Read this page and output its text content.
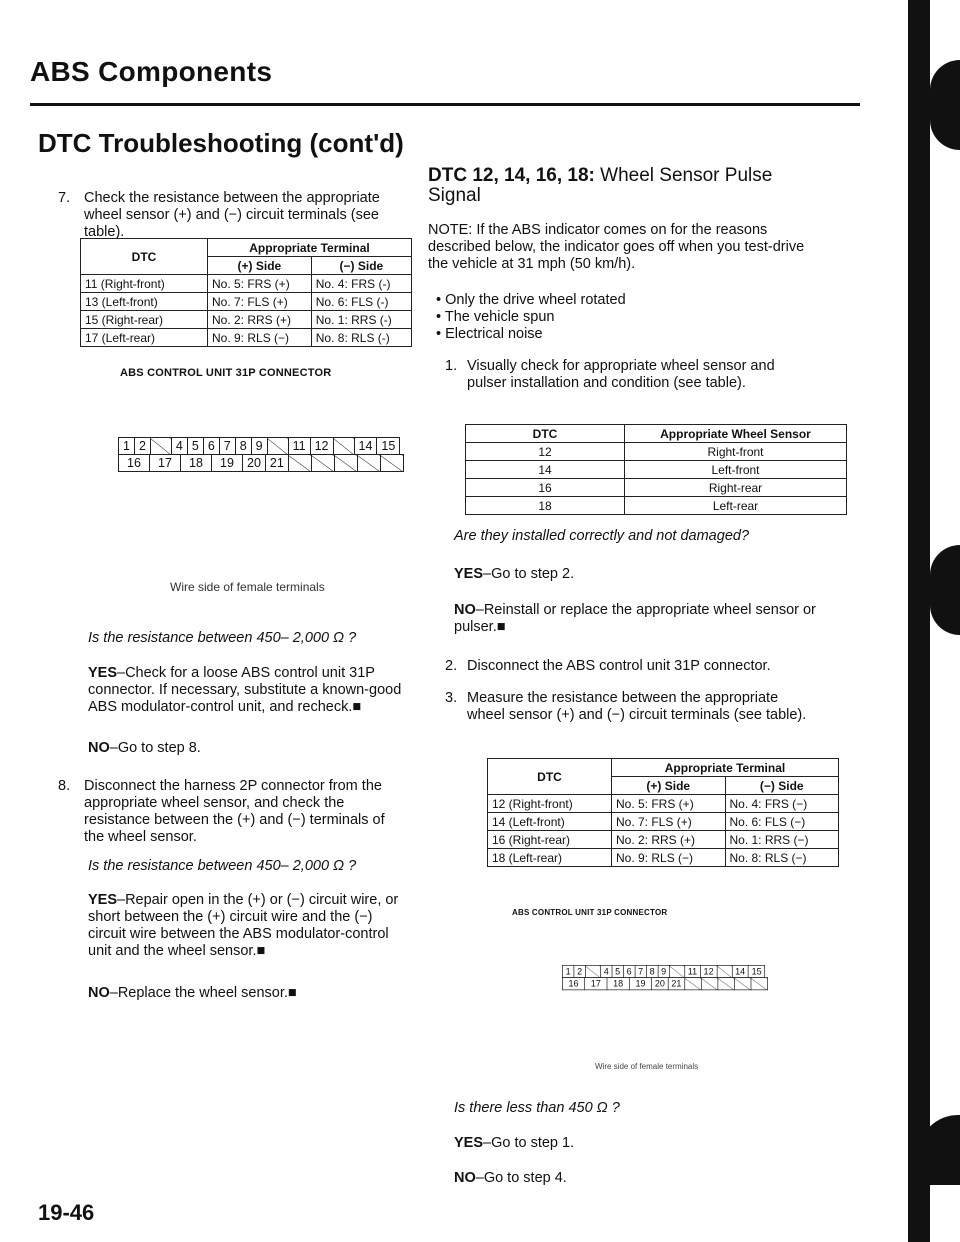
ABS Components
DTC Troubleshooting (cont'd)
7. Check the resistance between the appropriate wheel sensor (+) and (−) circuit terminals (see table).
DTC	Appropriate Terminal	
	(+) Side	(−) Side
11 (Right-front)	No. 5: FRS (+)	No. 4: FRS (-)
13 (Left-front)	No. 7: FLS (+)	No. 6: FLS (-)
15 (Right-rear)	No. 2: RRS (+)	No. 1: RRS (-)
17 (Left-rear)	No. 9: RLS (−)	No. 8: RLS (-)
ABS CONTROL UNIT 31P CONNECTOR
1	2		4	5	6	7	8	9		11	12		14	15
16	17	18	19	20	21					
Wire side of female terminals
Is the resistance between 450– 2,000 Ω ?
YES–Check for a loose ABS control unit 31P connector. If necessary, substitute a known-good ABS modulator-control unit, and recheck.■
NO–Go to step 8.
8. Disconnect the harness 2P connector from the appropriate wheel sensor, and check the resistance between the (+) and (−) terminals of the wheel sensor.
Is the resistance between 450– 2,000 Ω ?
YES–Repair open in the (+) or (−) circuit wire, or short between the (+) circuit wire and the (−) circuit wire between the ABS modulator-control unit and the wheel sensor.■
NO–Replace the wheel sensor.■
19-46
DTC 12, 14, 16, 18: Wheel Sensor Pulse Signal
NOTE: If the ABS indicator comes on for the reasons described below, the indicator goes off when you test-drive the vehicle at 31 mph (50 km/h).
• Only the drive wheel rotated
• The vehicle spun
• Electrical noise
1. Visually check for appropriate wheel sensor and pulser installation and condition (see table).
DTC	Appropriate Wheel Sensor
12	Right-front
14	Left-front
16	Right-rear
18	Left-rear
Are they installed correctly and not damaged?
YES–Go to step 2.
NO–Reinstall or replace the appropriate wheel sensor or pulser.■
2. Disconnect the ABS control unit 31P connector.
3. Measure the resistance between the appropriate wheel sensor (+) and (−) circuit terminals (see table).
DTC	Appropriate Terminal	
	(+) Side	(−) Side
12 (Right-front)	No. 5: FRS (+)	No. 4: FRS (−)
14 (Left-front)	No. 7: FLS (+)	No. 6: FLS (−)
16 (Right-rear)	No. 2: RRS (+)	No. 1: RRS (−)
18 (Left-rear)	No. 9: RLS (−)	No. 8: RLS (−)
ABS CONTROL UNIT 31P CONNECTOR
1	2		4	5	6	7	8	9		11	12		14	15
16	17	18	19	20	21					
Wire side of female terminals
Is there less than 450 Ω ?
YES–Go to step 1.
NO–Go to step 4.
